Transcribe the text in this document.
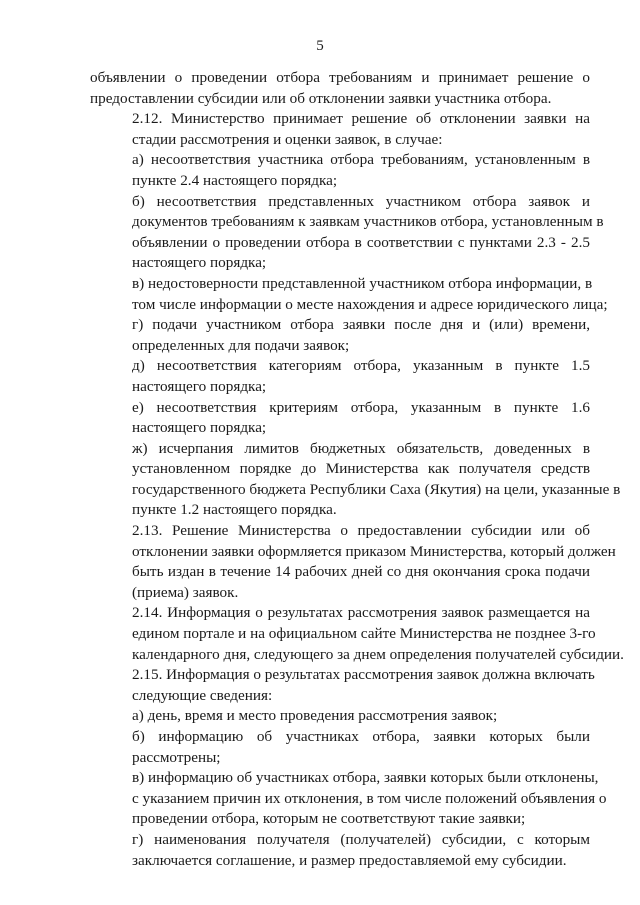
5

объявлении о проведении отбора требованиям и принимает решение о
предоставлении субсидии или об отклонении заявки участника отбора.

2.12. Министерство принимает решение об отклонении заявки на
стадии рассмотрения и оценки заявок, в случае:

а) несоответствия участника отбора требованиям, установленным в
пункте 2.4 настоящего порядка;

б) несоответствия представленных участником отбора заявок и
документов требованиям к заявкам участников отбора, установленным в
объявлении о проведении отбора в соответствии с пунктами 2.3 - 2.5
настоящего порядка;

в) недостоверности представленной участником отбора информации, в
том числе информации о месте нахождения и адресе юридического лица;

г) подачи участником отбора заявки после дня и (или) времени,
определенных для подачи заявок;

д) несоответствия категориям отбора, указанным в пункте 1.5
настоящего порядка;

е) несоответствия критериям отбора, указанным в пункте 1.6
настоящего порядка;

ж) исчерпания лимитов бюджетных обязательств, доведенных в
установленном порядке до Министерства как получателя средств
государственного бюджета Республики Саха (Якутия) на цели, указанные в
пункте 1.2 настоящего порядка.

2.13. Решение Министерства о предоставлении субсидии или об
отклонении заявки оформляется приказом Министерства, который должен
быть издан в течение 14 рабочих дней со дня окончания срока подачи
(приема) заявок.

2.14. Информация о результатах рассмотрения заявок размещается на
едином портале и на официальном сайте Министерства не позднее 3-го
календарного дня, следующего за днем определения получателей субсидии.

2.15. Информация о результатах рассмотрения заявок должна включать
следующие сведения:

а) день, время и место проведения рассмотрения заявок;

б) информацию об участниках отбора, заявки которых были
рассмотрены;

в) информацию об участниках отбора, заявки которых были отклонены,
с указанием причин их отклонения, в том числе положений объявления о
проведении отбора, которым не соответствуют такие заявки;

г) наименования получателя (получателей) субсидии, с которым
заключается соглашение, и размер предоставляемой ему субсидии.
